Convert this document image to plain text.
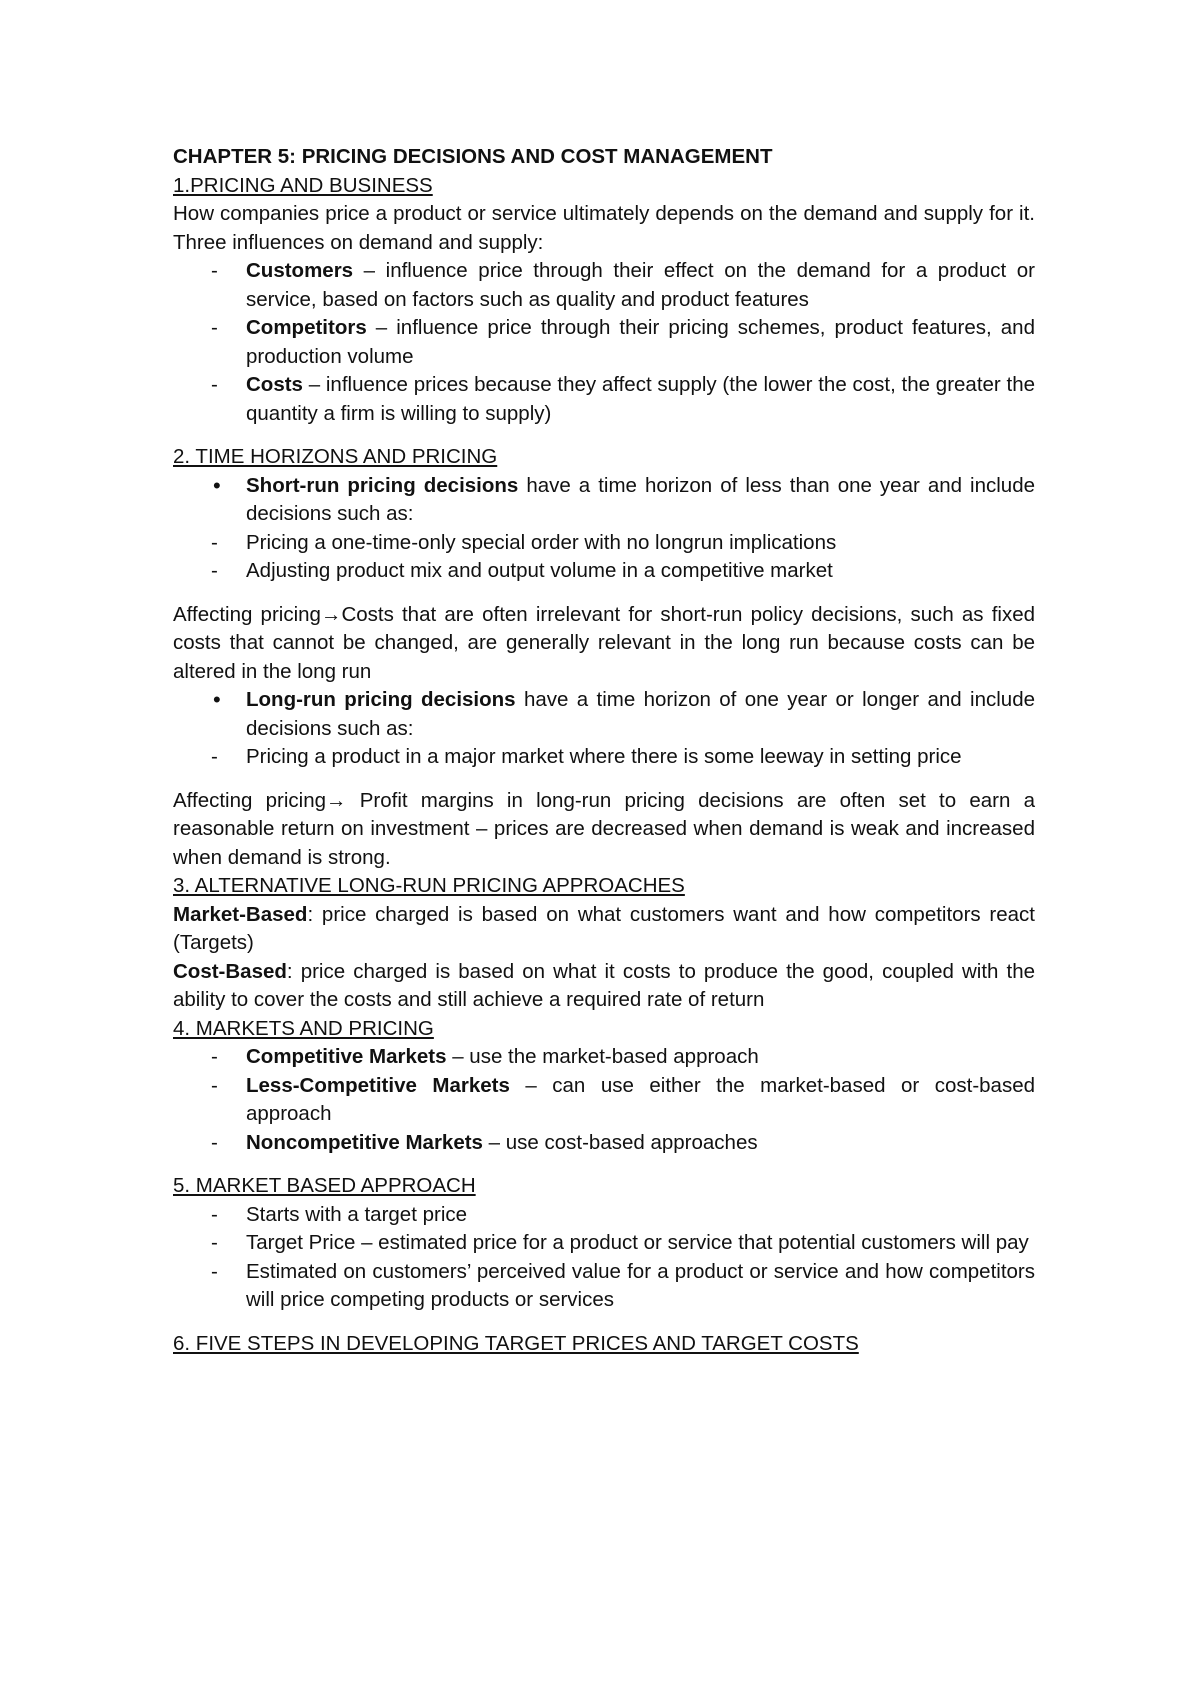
CHAPTER 5: PRICING DECISIONS AND COST MANAGEMENT

1.PRICING AND BUSINESS

How companies price a product or service ultimately depends on the demand and supply for it. Three influences on demand and supply:

- Customers – influence price through their effect on the demand for a product or service, based on factors such as quality and product features
- Competitors – influence price through their pricing schemes, product features, and production volume
- Costs – influence prices because they affect supply (the lower the cost, the greater the quantity a firm is willing to supply)

2. TIME HORIZONS AND PRICING

• Short-run pricing decisions have a time horizon of less than one year and include decisions such as:
- Pricing a one-time-only special order with no longrun implications
- Adjusting product mix and output volume in a competitive market

Affecting pricing→Costs that are often irrelevant for short-run policy decisions, such as fixed costs that cannot be changed, are generally relevant in the long run because costs can be altered in the long run

• Long-run pricing decisions have a time horizon of one year or longer and include decisions such as:
- Pricing a product in a major market where there is some leeway in setting price

Affecting pricing→ Profit margins in long-run pricing decisions are often set to earn a reasonable return on investment – prices are decreased when demand is weak and increased when demand is strong.

3. ALTERNATIVE LONG-RUN PRICING APPROACHES

Market-Based: price charged is based on what customers want and how competitors react (Targets)

Cost-Based: price charged is based on what it costs to produce the good, coupled with the ability to cover the costs and still achieve a required rate of return

4. MARKETS AND PRICING

- Competitive Markets – use the market-based approach
- Less-Competitive Markets – can use either the market-based or cost-based approach
- Noncompetitive Markets – use cost-based approaches

5. MARKET BASED APPROACH

- Starts with a target price
- Target Price – estimated price for a product or service that potential customers will pay
- Estimated on customers’ perceived value for a product or service and how competitors will price competing products or services

6. FIVE STEPS IN DEVELOPING TARGET PRICES AND TARGET COSTS
